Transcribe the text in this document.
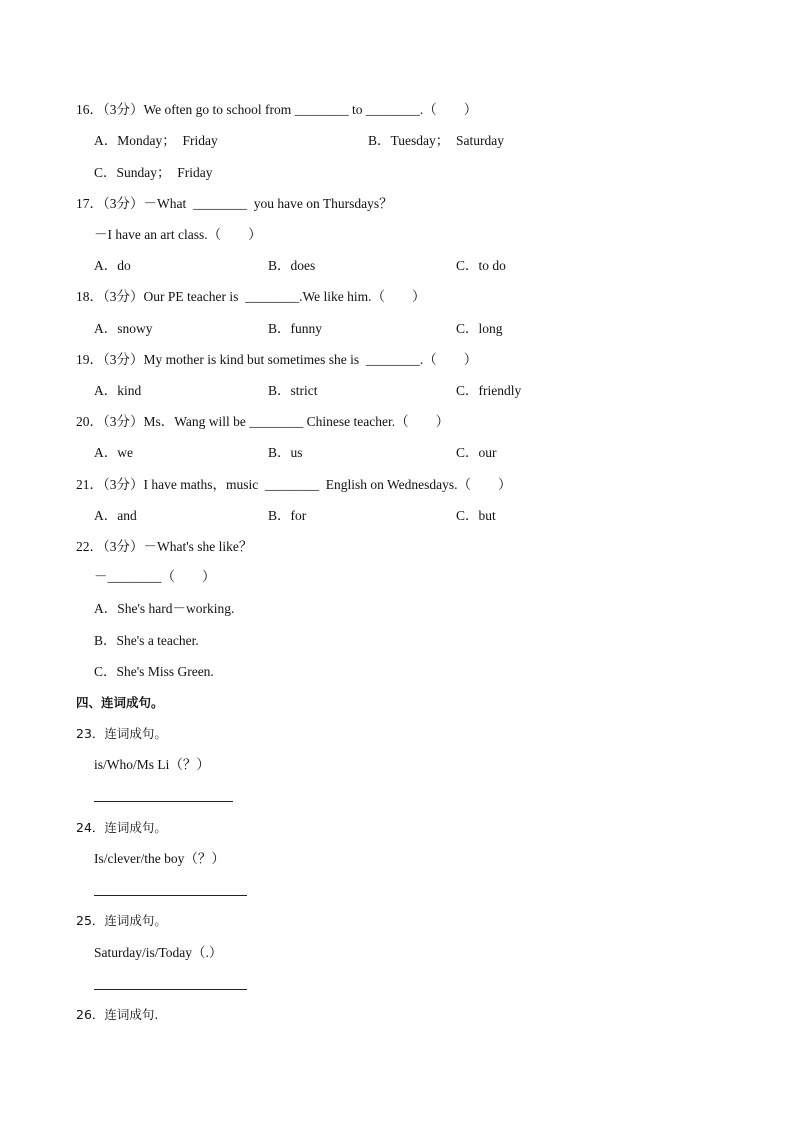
16．（3分）We often go to school from ________ to ________.（　　）
A．Monday；  Friday	B．Tuesday；  Saturday
C．Sunday；  Friday
17．（3分）－What  ________  you have on Thursdays？
－I have an art class.（　　）
A．do	B．does	C．to do
18．（3分）Our PE teacher is  ________.We like him.（　　）
A．snowy	B．funny	C．long
19．（3分）My mother is kind but sometimes she is  ________.（　　）
A．kind	B．strict	C．friendly
20．（3分）Ms．Wang will be ________ Chinese teacher.（　　）
A．we	B．us	C．our
21．（3分）I have maths，music  ________  English on Wednesdays.（　　）
A．and	B．for	C．but
22．（3分）－What's she like？
－________（　　）
A．She's hard－working.
B．She's a teacher.
C．She's Miss Green.
四、连词成句。
23．连词成句。
is/Who/Ms Li（？）
24．连词成句。
Is/clever/the boy（？）
25．连词成句。
Saturday/is/Today（.）
26．连词成句.
